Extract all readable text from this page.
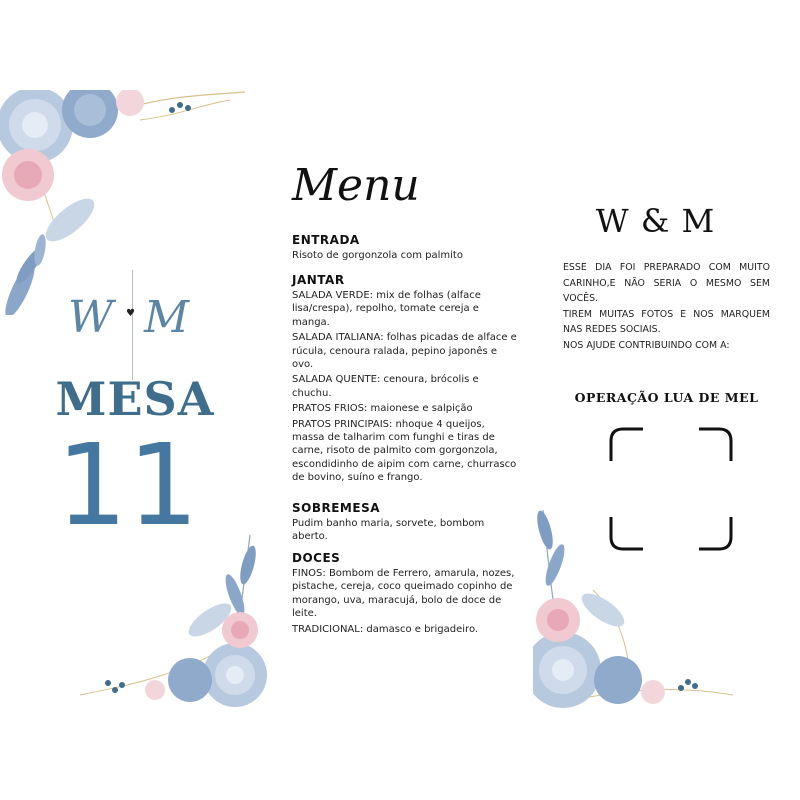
W ♥ M
MESA
11
Menu
ENTRADA
Risoto de gorgonzola com palmito
JANTAR
SALADA VERDE: mix de folhas (alface lisa/crespa), repolho, tomate cereja e manga.
SALADA ITALIANA: folhas picadas de alface e rúcula, cenoura ralada, pepino japonês e ovo.
SALADA QUENTE: cenoura, brócolis e chuchu.
PRATOS FRIOS: maionese e salpição
PRATOS PRINCIPAIS: nhoque 4 queijos, massa de talharim com funghi e tiras de carne, risoto de palmito com gorgonzola, escondidinho de aipim com carne, churrasco de bovino, suíno e frango.
SOBREMESA
Pudim banho maria, sorvete, bombom aberto.
DOCES
FINOS: Bombom de Ferrero, amarula, nozes, pistache, cereja, coco queimado copinho de morango, uva, maracujá, bolo de doce de leite.
TRADICIONAL: damasco e brigadeiro.
W & M
ESSE DIA FOI PREPARADO COM MUITO CARINHO,E NÃO SERIA O MESMO SEM VOCÊS.
TIREM MUITAS FOTOS E NOS MARQUEM NAS REDES SOCIAIS.
NOS AJUDE CONTRIBUINDO COM A:
OPERAÇÃO LUA DE MEL
